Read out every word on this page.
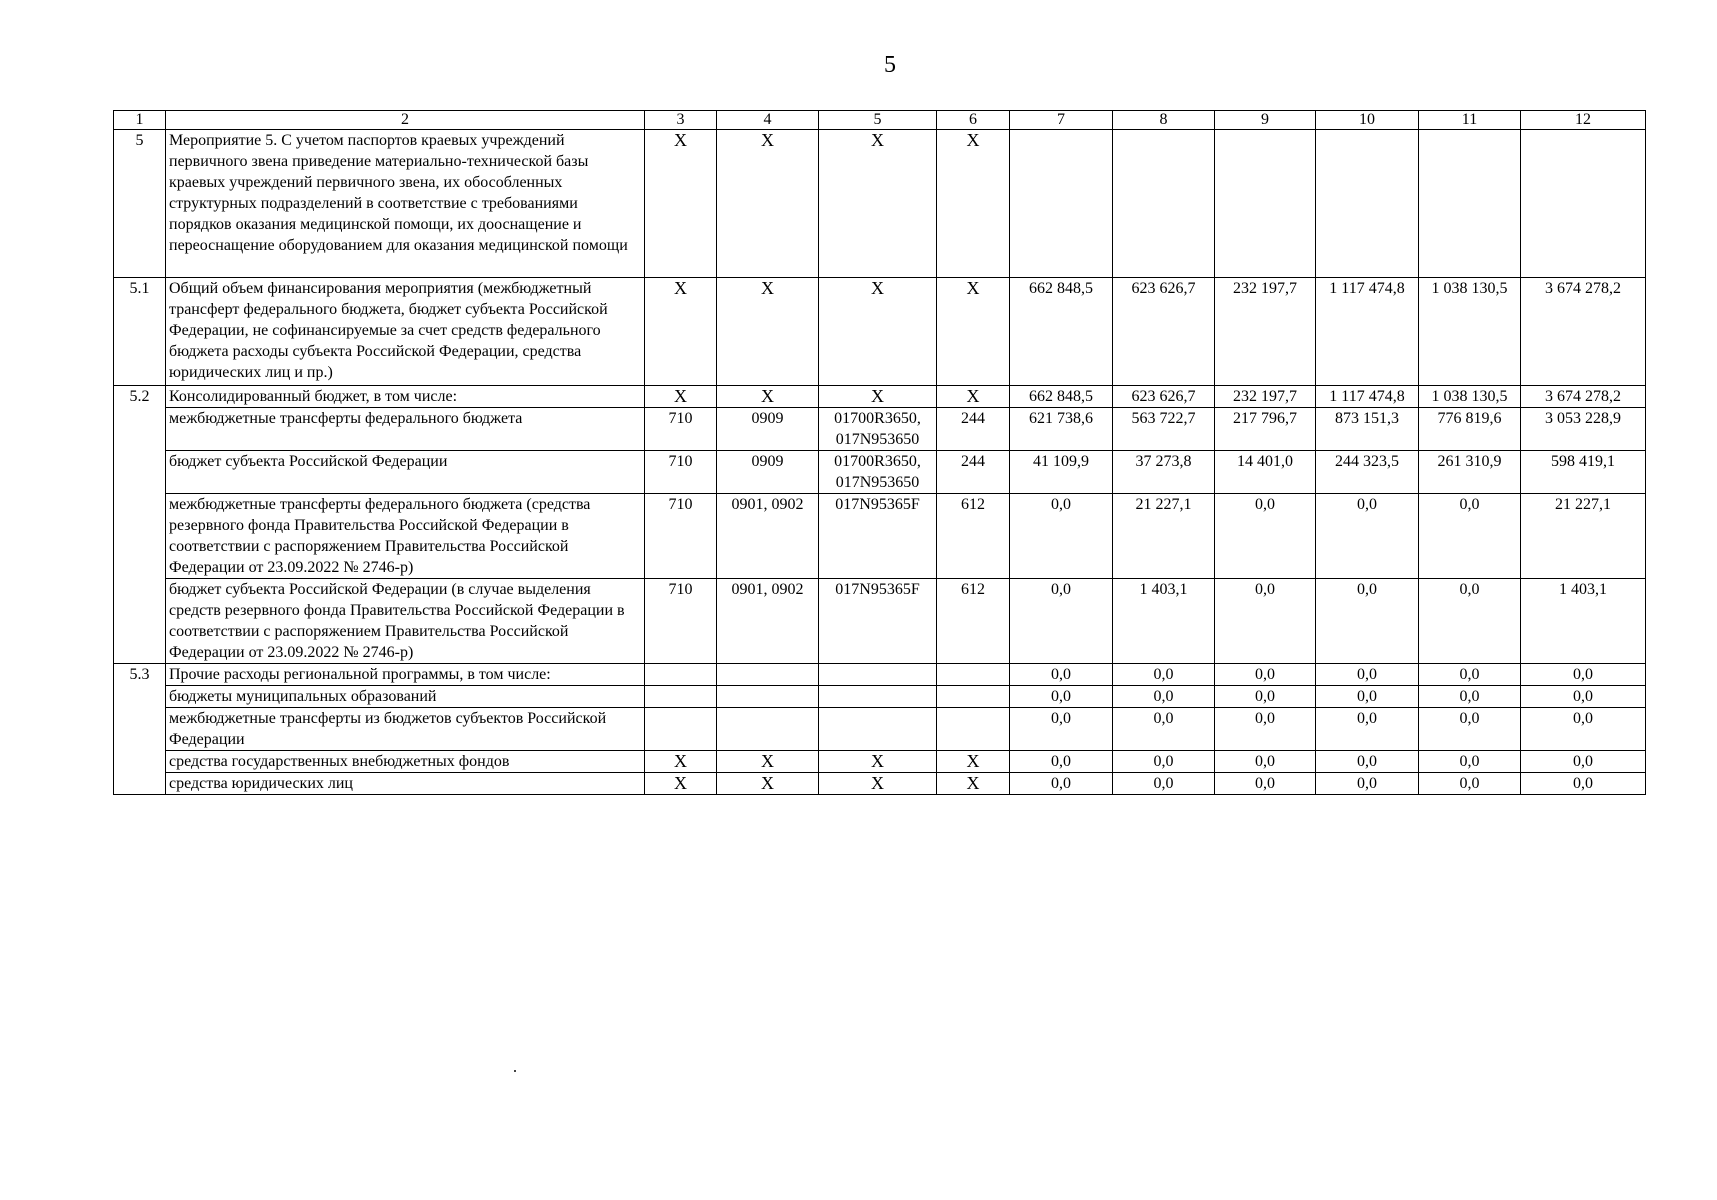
5
1	2	3	4	5	6	7	8	9	10	11	12
5	Мероприятие 5. С учетом паспортов краевых учреждений первичного звена приведение материально-технической базы краевых учреждений первичного звена, их обособленных структурных подразделений в соответствие с требованиями порядков оказания медицинской помощи, их дооснащение и переоснащение оборудованием для оказания медицинской помощи	X	X	X	X						
5.1	Общий объем финансирования мероприятия (межбюджетный трансферт федерального бюджета, бюджет субъекта Российской Федерации, не софинансируемые за счет средств федерального бюджета расходы субъекта Российской Федерации, средства юридических лиц и пр.)	X	X	X	X	662 848,5	623 626,7	232 197,7	1 117 474,8	1 038 130,5	3 674 278,2
5.2	Консолидированный бюджет, в том числе:	X	X	X	X	662 848,5	623 626,7	232 197,7	1 117 474,8	1 038 130,5	3 674 278,2
	межбюджетные трансферты федерального бюджета	710	0909	01700R3650, 017N953650	244	621 738,6	563 722,7	217 796,7	873 151,3	776 819,6	3 053 228,9
	бюджет субъекта Российской Федерации	710	0909	01700R3650, 017N953650	244	41 109,9	37 273,8	14 401,0	244 323,5	261 310,9	598 419,1
	межбюджетные трансферты федерального бюджета (средства резервного фонда Правительства Российской Федерации в соответствии с распоряжением Правительства Российской Федерации от 23.09.2022 № 2746-р)	710	0901, 0902	017N95365F	612	0,0	21 227,1	0,0	0,0	0,0	21 227,1
	бюджет субъекта Российской Федерации (в случае выделения средств резервного фонда Правительства Российской Федерации в соответствии с распоряжением Правительства Российской Федерации от 23.09.2022 № 2746-р)	710	0901, 0902	017N95365F	612	0,0	1 403,1	0,0	0,0	0,0	1 403,1
5.3	Прочие расходы региональной программы, в том числе:					0,0	0,0	0,0	0,0	0,0	0,0
	бюджеты муниципальных образований					0,0	0,0	0,0	0,0	0,0	0,0
	межбюджетные трансферты из бюджетов субъектов Российской Федерации					0,0	0,0	0,0	0,0	0,0	0,0
	средства государственных внебюджетных фондов	X	X	X	X	0,0	0,0	0,0	0,0	0,0	0,0
	средства юридических лиц	X	X	X	X	0,0	0,0	0,0	0,0	0,0	0,0
